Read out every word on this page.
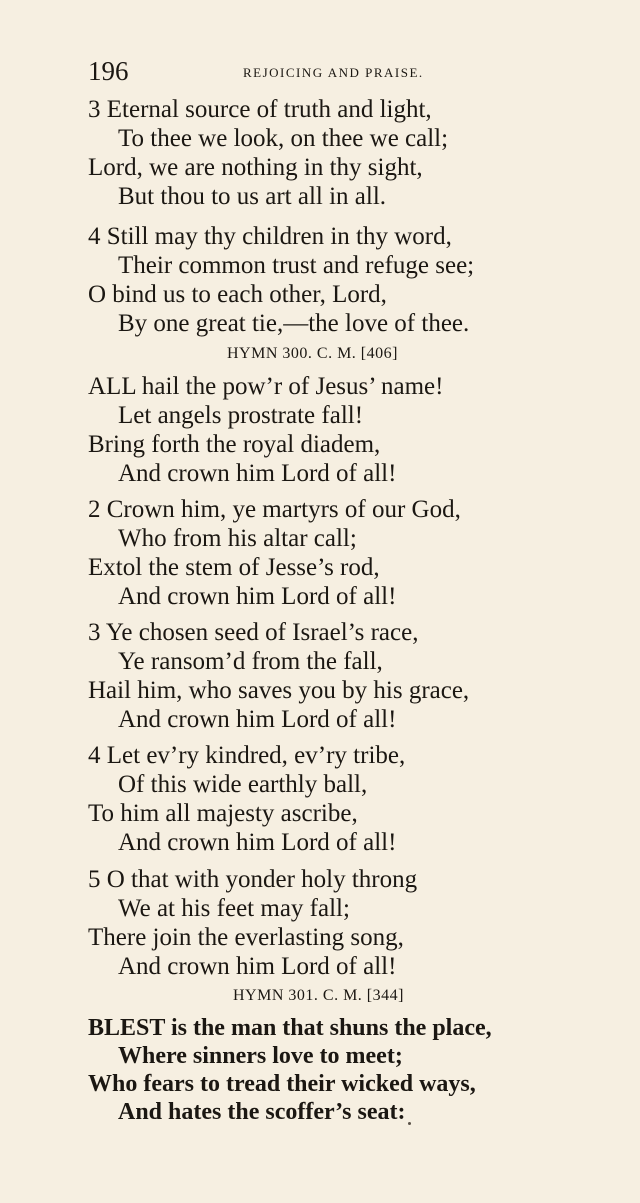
196	REJOICING AND PRAISE.
3 Eternal source of truth and light,
To thee we look, on thee we call;
Lord, we are nothing in thy sight,
But thou to us art all in all.
4 Still may thy children in thy word,
Their common trust and refuge see;
O bind us to each other, Lord,
By one great tie,—the love of thee.
HYMN 300. C. M. [406]
ALL hail the pow’r of Jesus’ name!
Let angels prostrate fall!
Bring forth the royal diadem,
And crown him Lord of all!
2 Crown him, ye martyrs of our God,
Who from his altar call;
Extol the stem of Jesse’s rod,
And crown him Lord of all!
3 Ye chosen seed of Israel’s race,
Ye ransom’d from the fall,
Hail him, who saves you by his grace,
And crown him Lord of all!
4 Let ev’ry kindred, ev’ry tribe,
Of this wide earthly ball,
To him all majesty ascribe,
And crown him Lord of all!
5 O that with yonder holy throng
We at his feet may fall;
There join the everlasting song,
And crown him Lord of all!
HYMN 301. C. M. [344]
BLEST is the man that shuns the place,
Where sinners love to meet;
Who fears to tread their wicked ways,
And hates the scoffer’s seat:
